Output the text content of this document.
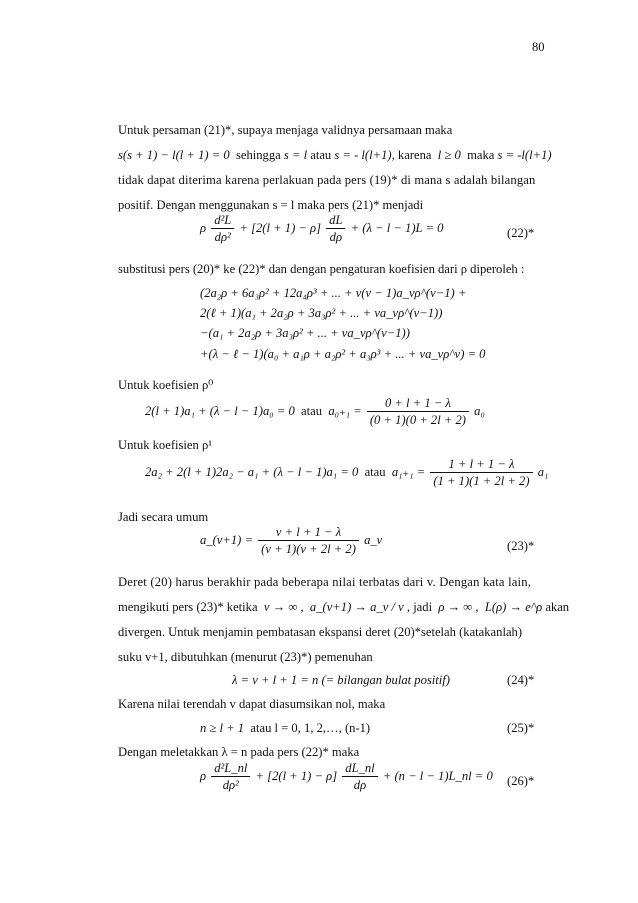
80
Untuk persaman (21)*, supaya menjaga validnya persamaan maka
s(s + 1) − l(l + 1) = 0 sehingga s = l atau s = - l(l+1), karena l ≥ 0 maka s = -l(l+1)
tidak dapat diterima karena perlakuan pada pers (19)* di mana s adalah bilangan
positif. Dengan menggunakan s = l maka pers (21)* menjadi
ρ $\frac{\text{d²L}}{\text{dρ²}} + [2(l + 1) - \rho] \frac{dL}{d\rho} + (\lambda - l - 1)L = 0$	(22)*
substitusi pers (20)* ke (22)* dan dengan pengaturan koefisien dari ρ diperoleh :
(2a₂ρ + 6a₃ρ² + 12a₄ρ³ + ... + ν(ν − 1)a_νρ^(ν−1) +
2(ℓ + 1)(a₁ + 2a₂ρ + 3a₃ρ² + ... + νa_νρ^(ν−1))
−(a₁ + 2a₂ρ + 3a₃ρ² + ... + νa_νρ^(ν−1))
+(λ − ℓ − 1)(a₀ + a₁ρ + a₂ρ² + a₃ρ³ + ... + νa_νρ^ν) = 0
Untuk koefisien ρ⁰
2(l + 1)a₁ + (λ − l − 1)a₀ = 0 atau $a_{0+1} = \frac{0 + l + 1 - \lambda}{(0 + 1)(0 + 2l + 2)} a_0$
Untuk koefisien ρ¹
2a₂ + 2(l + 1)2a₂ − a₁ + (λ − l − 1)a₁ = 0 atau $a_{1+1} = \frac{1 + l + 1 - \lambda}{(1 + 1)(1 + 2l + 2)} a_1$
Jadi secara umum
a_(ν+1) = $\frac{\nu + l + 1 - \lambda}{(\nu + 1)(\nu + 2l + 2)}$ a_ν	(23)*
Deret (20) harus berakhir pada beberapa nilai terbatas dari v. Dengan kata lain,
mengikuti pers (23)* ketika ν → ∞ , a_(ν+1) → a_ν / ν , jadi ρ → ∞ , L(ρ) → e^ρ akan
divergen. Untuk menjamin pembatasan ekspansi deret (20)*setelah (katakanlah)
suku v+1, dibutuhkan (menurut (23)*) pemenuhan
λ = ν + l + 1 = n (= bilangan bulat positif)	(24)*
Karena nilai terendah v dapat diasumsikan nol, maka
n ≥ l + 1 atau l = 0, 1, 2,…, (n-1)	(25)*
Dengan meletakkan λ = n pada pers (22)* maka
ρ $\frac{\text{d²L\_nl}}{\text{dρ²}} + [2(l + 1) - \rho] \frac{dL\_nl}{d\rho} + (n - l$ − 1)L_nl = 0 (26)*
